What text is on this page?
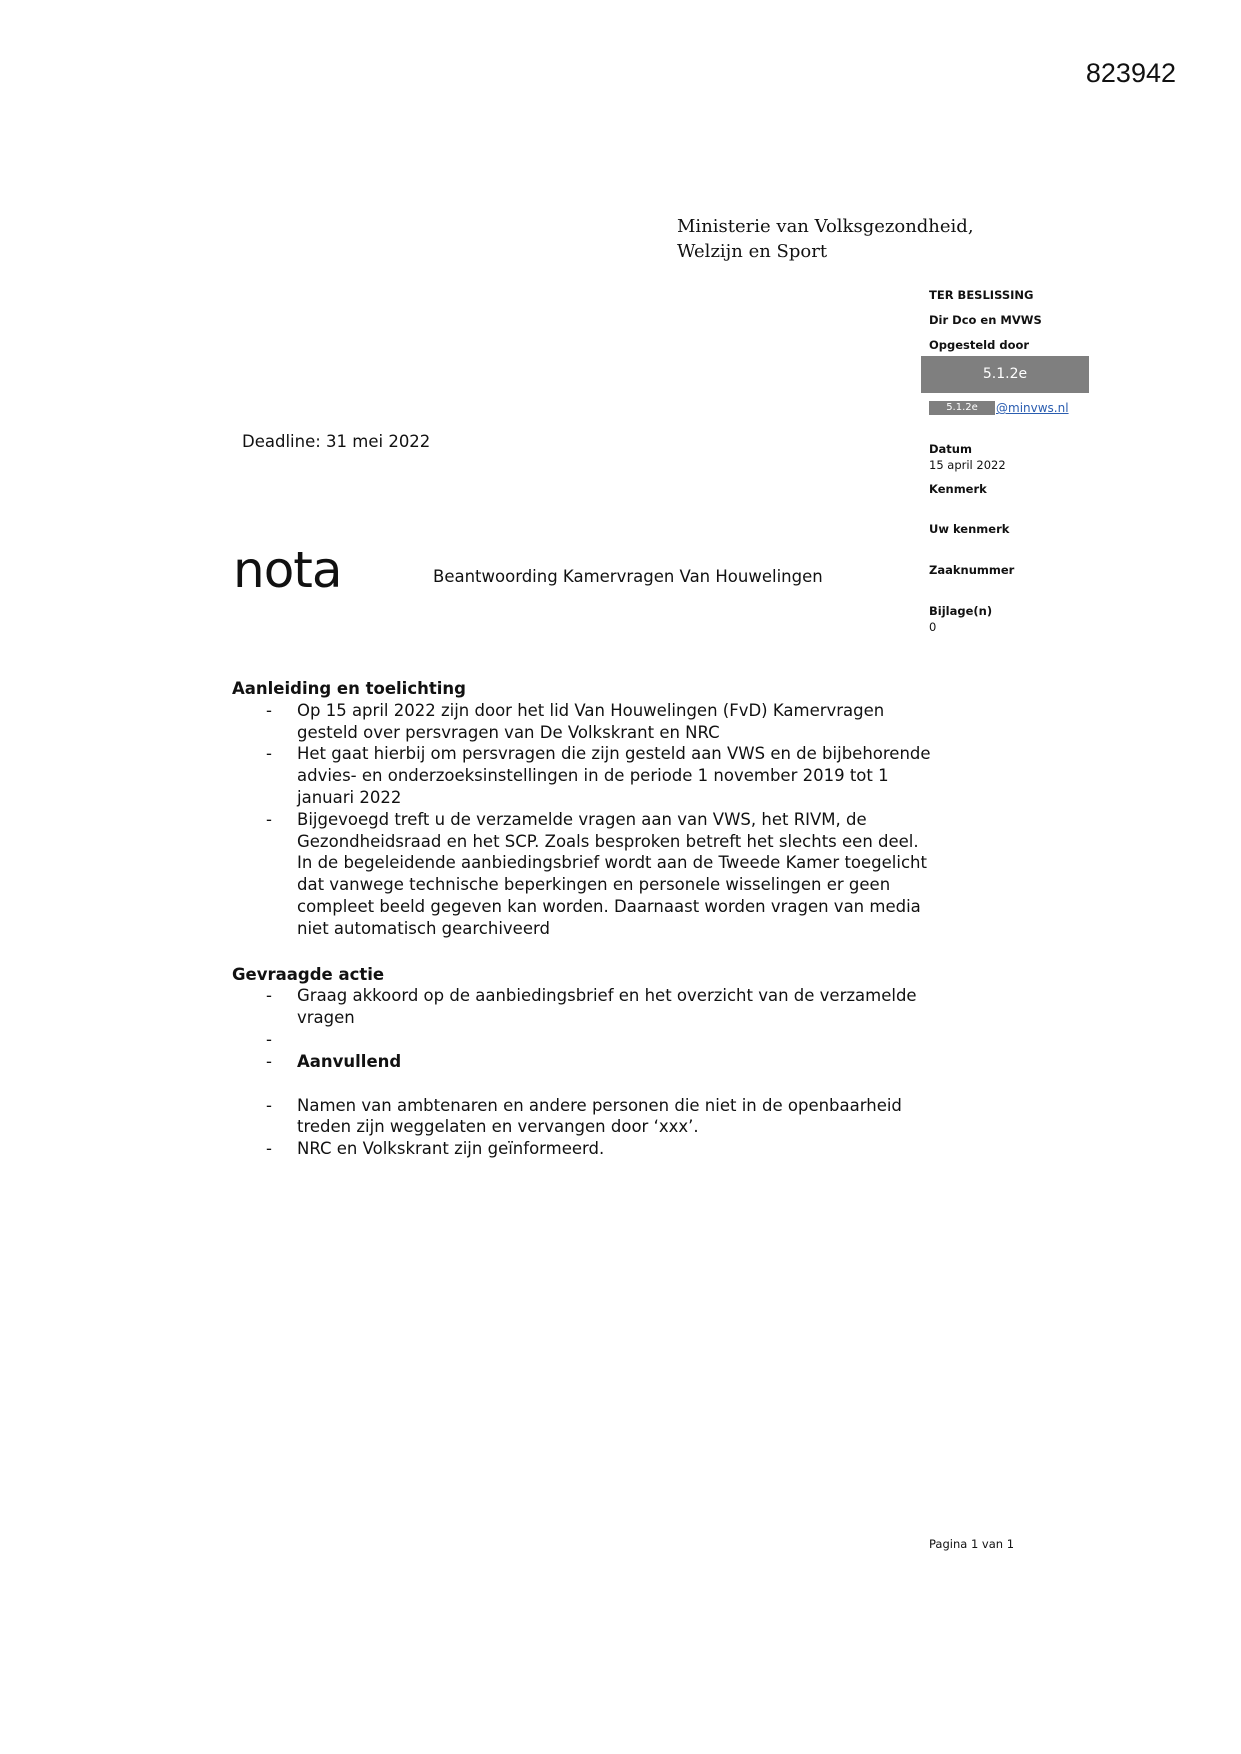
823942
Ministerie van Volksgezondheid,
Welzijn en Sport
TER BESLISSING
Dir Dco en MVWS
Opgesteld door
5.1.2e
5.1.2e	@minvws.nl
Datum
15 april 2022
Kenmerk
Uw kenmerk
Zaaknummer
Bijlage(n)
0
Deadline: 31 mei 2022
nota	Beantwoording Kamervragen Van Houwelingen

Aanleiding en toelichting

- Op 15 april 2022 zijn door het lid Van Houwelingen (FvD) Kamervragen gesteld over persvragen van De Volkskrant en NRC
- Het gaat hierbij om persvragen die zijn gesteld aan VWS en de bijbehorende advies- en onderzoeksinstellingen in de periode 1 november 2019 tot 1 januari 2022
- Bijgevoegd treft u de verzamelde vragen aan van VWS, het RIVM, de Gezondheidsraad en het SCP. Zoals besproken betreft het slechts een deel. In de begeleidende aanbiedingsbrief wordt aan de Tweede Kamer toegelicht dat vanwege technische beperkingen en personele wisselingen er geen compleet beeld gegeven kan worden. Daarnaast worden vragen van media niet automatisch gearchiveerd

Gevraagde actie

- Graag akkoord op de aanbiedingsbrief en het overzicht van de verzamelde vragen
-

- Aanvullend
- Namen van ambtenaren en andere personen die niet in de openbaarheid treden zijn weggelaten en vervangen door ‘xxx’.
- NRC en Volkskrant zijn geïnformeerd.
Pagina 1 van 1
